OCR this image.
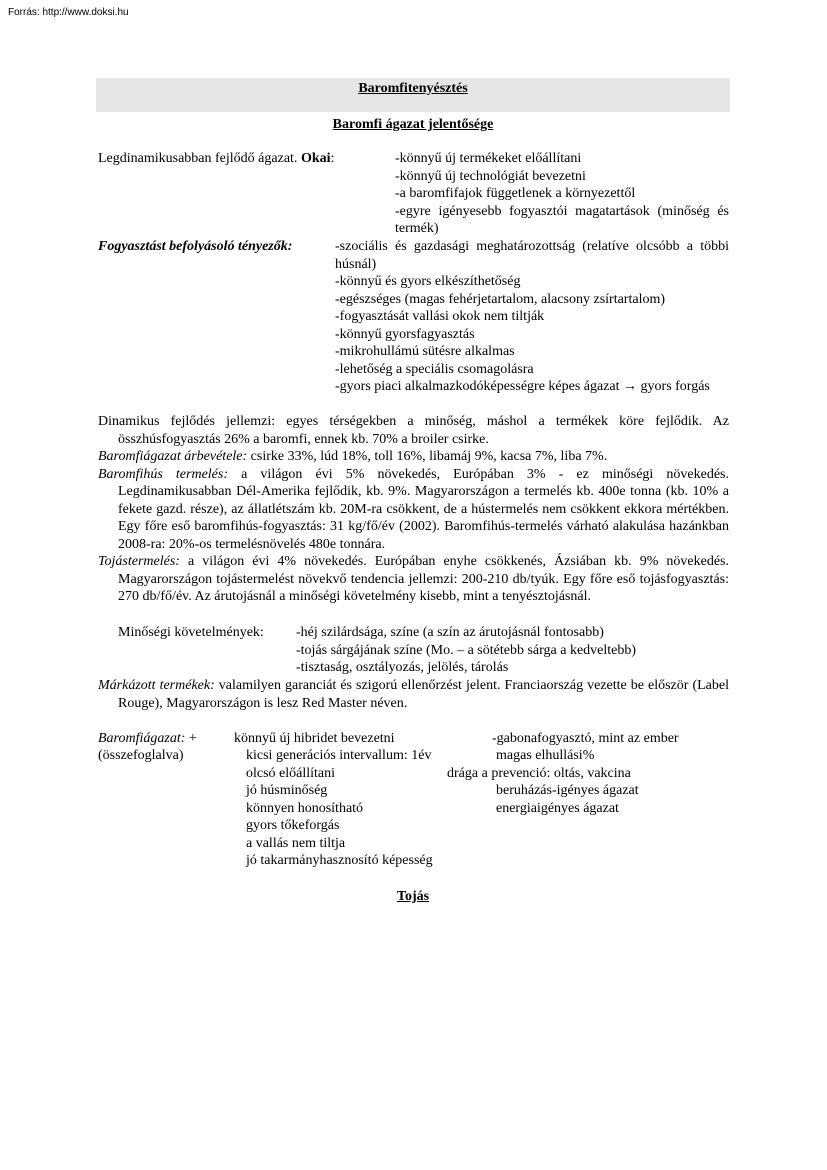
Forrás: http://www.doksi.hu
Baromfitenyésztés
Baromfi ágazat jelentősége
Legdinamikusabban fejlődő ágazat. Okai:	-könnyű új termékeket előállítani
-könnyű új technológiát bevezetni
-a baromfifajok függetlenek a környezettől
-egyre igényesebb fogyasztói magatartások (minőség és termék)
Fogyasztást befolyásoló tényezők:	-szociális és gazdasági meghatározottság (relatíve olcsóbb a többi húsnál)
-könnyű és gyors elkészíthetőség
-egészséges (magas fehérjetartalom, alacsony zsírtartalom)
-fogyasztását vallási okok nem tiltják
-könnyű gyorsfagyasztás
-mikrohullámú sütésre alkalmas
-lehetőség a speciális csomagolásra
-gyors piaci alkalmazkodóképességre képes ágazat → gyors forgás

Dinamikus fejlődés jellemzi: egyes térségekben a minőség, máshol a termékek köre fejlődik. Az összhúsfogyasztás 26% a baromfi, ennek kb. 70% a broiler csirke.

Baromfiágazat árbevétele: csirke 33%, lúd 18%, toll 16%, libamáj 9%, kacsa 7%, liba 7%.

Baromfihús termelés: a világon évi 5% növekedés, Európában 3% - ez minőségi növekedés. Legdinamikusabban Dél-Amerika fejlődik, kb. 9%. Magyarországon a termelés kb. 400e tonna (kb. 10% a fekete gazd. része), az állatlétszám kb. 20M-ra csökkent, de a hústermelés nem csökkent ekkora mértékben. Egy főre eső baromfihús-fogyasztás: 31 kg/fő/év (2002). Baromfihús-termelés várható alakulása hazánkban 2008-ra: 20%-os termelésnövelés 480e tonnára.

Tojástermelés: a világon évi 4% növekedés. Európában enyhe csökkenés, Ázsiában kb. 9% növekedés. Magyarországon tojástermelést növekvő tendencia jellemzi: 200-210 db/tyúk. Egy főre eső tojásfogyasztás: 270 db/fő/év. Az árutojásnál a minőségi követelmény kisebb, mint a tenyésztojásnál.

Minőségi követelmények: -héj szilárdsága, színe (a szín az árutojásnál fontosabb)
-tojás sárgájának színe (Mo. – a sötétebb sárga a kedveltebb)
-tisztaság, osztályozás, jelölés, tárolás

Márkázott termékek: valamilyen garanciát és szigorú ellenőrzést jelent. Franciaország vezette be először (Label Rouge), Magyarországon is lesz Red Master néven.

Baromfiágazat: +
(összefoglalva)
könnyű új hibridet bevezetni

kicsi generációs intervallum: 1év

olcsó előállítani

jó húsminőség

könnyen honosítható

gyors tőkeforgás

a vallás nem tiltja

jó takarmányhasznosító képesség

-gabonafogyasztó, mint az ember

magas elhullási%

beruházás-igényes ágazat

energiaigényes ágazat

drága a prevenció: oltás, vakcina
Tojás
